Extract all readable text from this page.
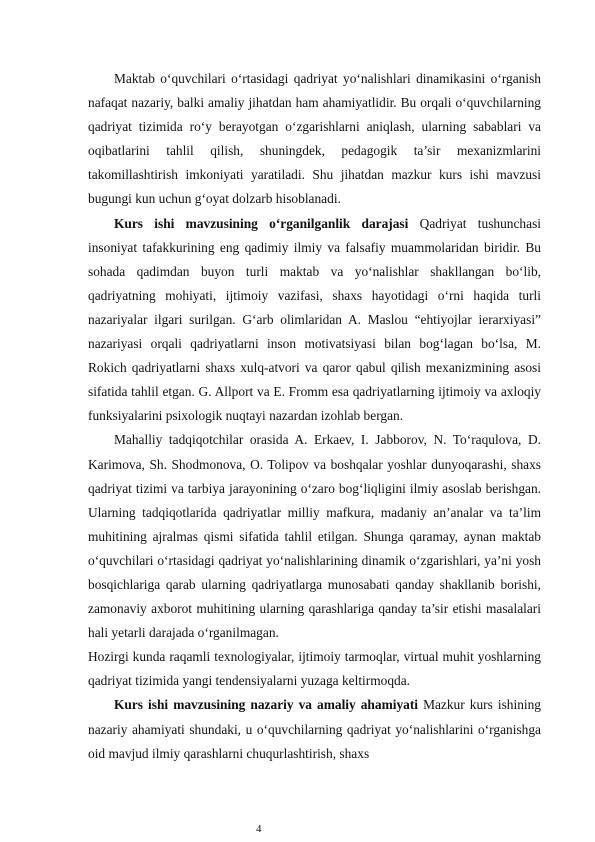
Maktab o‘quvchilari o‘rtasidagi qadriyat yo‘nalishlari dinamikasini o‘rganish nafaqat nazariy, balki amaliy jihatdan ham ahamiyatlidir. Bu orqali o‘quvchilarning qadriyat tizimida ro‘y berayotgan o‘zgarishlarni aniqlash, ularning sabablari va oqibatlarini tahlil qilish, shuningdek, pedagogik ta’sir mexanizmlarini takomillashtirish imkoniyati yaratiladi. Shu jihatdan mazkur kurs ishi mavzusi bugungi kun uchun g‘oyat dolzarb hisoblanadi.

Kurs ishi mavzusining o‘rganilganlik darajasi Qadriyat tushunchasi insoniyat tafakkurining eng qadimiy ilmiy va falsafiy muammolaridan biridir. Bu sohada qadimdan buyon turli maktab va yo‘nalishlar shakllangan bo‘lib, qadriyatning mohiyati, ijtimoiy vazifasi, shaxs hayotidagi o‘rni haqida turli nazariyalar ilgari surilgan. G‘arb olimlaridan A. Maslou “ehtiyojlar ierarxiyasi” nazariyasi orqali qadriyatlarni inson motivatsiyasi bilan bog‘lagan bo‘lsa, M. Rokich qadriyatlarni shaxs xulq-atvori va qaror qabul qilish mexanizmining asosi sifatida tahlil etgan. G. Allport va E. Fromm esa qadriyatlarning ijtimoiy va axloqiy funksiyalarini psixologik nuqtayi nazardan izohlab bergan.

Mahalliy tadqiqotchilar orasida A. Erkaev, I. Jabborov, N. To‘raqulova, D. Karimova, Sh. Shodmonova, O. Tolipov va boshqalar yoshlar dunyoqarashi, shaxs qadriyat tizimi va tarbiya jarayonining o‘zaro bog‘liqligini ilmiy asoslab berishgan. Ularning tadqiqotlarida qadriyatlar milliy mafkura, madaniy an’analar va ta’lim muhitining ajralmas qismi sifatida tahlil etilgan. Shunga qaramay, aynan maktab o‘quvchilari o‘rtasidagi qadriyat yo‘nalishlarining dinamik o‘zgarishlari, ya’ni yosh bosqichlariga qarab ularning qadriyatlarga munosabati qanday shakllanib borishi, zamonaviy axborot muhitining ularning qarashlariga qanday ta’sir etishi masalalari hali yetarli darajada o‘rganilmagan.

Hozirgi kunda raqamli texnologiyalar, ijtimoiy tarmoqlar, virtual muhit yoshlarning qadriyat tizimida yangi tendensiyalarni yuzaga keltirmoqda.

Kurs ishi mavzusining nazariy va amaliy ahamiyati Mazkur kurs ishining nazariy ahamiyati shundaki, u o‘quvchilarning qadriyat yo‘nalishlarini o‘rganishga oid mavjud ilmiy qarashlarni chuqurlashtirish, shaxs

4
